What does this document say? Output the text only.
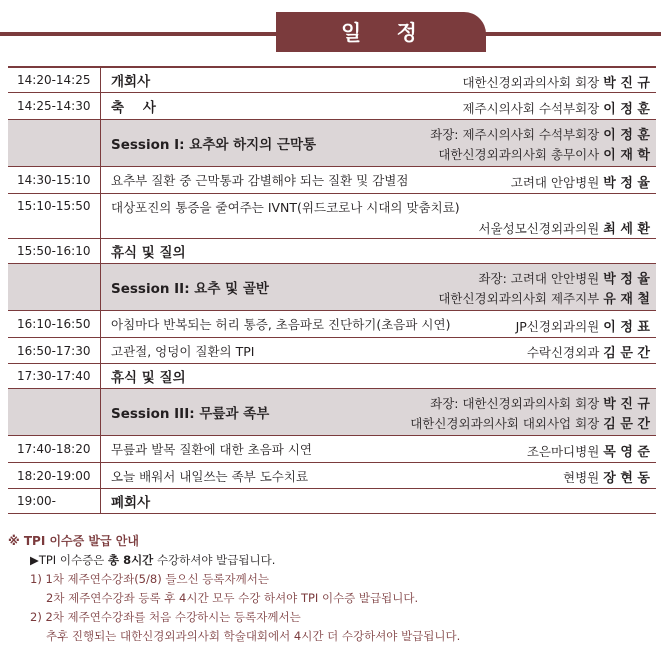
일 정
14:20-14:25	개회사	대한신경외과의사회 회장 박 진 규
14:25-14:30	축    사	제주시의사회 수석부회장 이 정 훈
Session I: 요추와 하지의 근막통
좌장: 제주시의사회 수석부회장 이 정 훈
대한신경외과의사회 총무이사 이 재 학
14:30-15:10	요추부 질환 중 근막통과 감별해야 되는 질환 및 감별점	고려대 안암병원 박 정 율
15:10-15:50	대상포진의 통증을 줄여주는 IVNT(위드코로나 시대의 맞춤치료)
서울성모신경외과의원 최 세 환
15:50-16:10	휴식 및 질의
Session II: 요추 및 골반
좌장: 고려대 안안병원 박 정 율
대한신경외과의사회 제주지부 유 재 철
16:10-16:50	아침마다 반복되는 허리 통증, 초음파로 진단하기(초음파 시연)	JP신경외과의원 이 정 표
16:50-17:30	고관절, 엉덩이 질환의 TPI	수락신경외과 김 문 간
17:30-17:40	휴식 및 질의
Session III: 무릎과 족부
좌장: 대한신경외과의사회 회장 박 진 규
대한신경외과의사회 대외사업 회장 김 문 간
17:40-18:20	무릎과 발목 질환에 대한 초음파 시연	조은마디병원 목 영 준
18:20-19:00	오늘 배워서 내일쓰는 족부 도수치료	현병원 장 현 동
19:00-	폐회사
※ TPI 이수증 발급 안내
▶TPI 이수증은 총 8시간 수강하셔야 발급됩니다.
1) 1차 제주연수강좌(5/8) 들으신 등록자께서는
2차 제주연수강좌 등록 후 4시간 모두 수강 하셔야 TPI 이수증 발급됩니다.
2) 2차 제주연수강좌를 처음 수강하시는 등록자께서는
추후 진행되는 대한신경외과의사회 학술대회에서 4시간 더 수강하셔야 발급됩니다.
